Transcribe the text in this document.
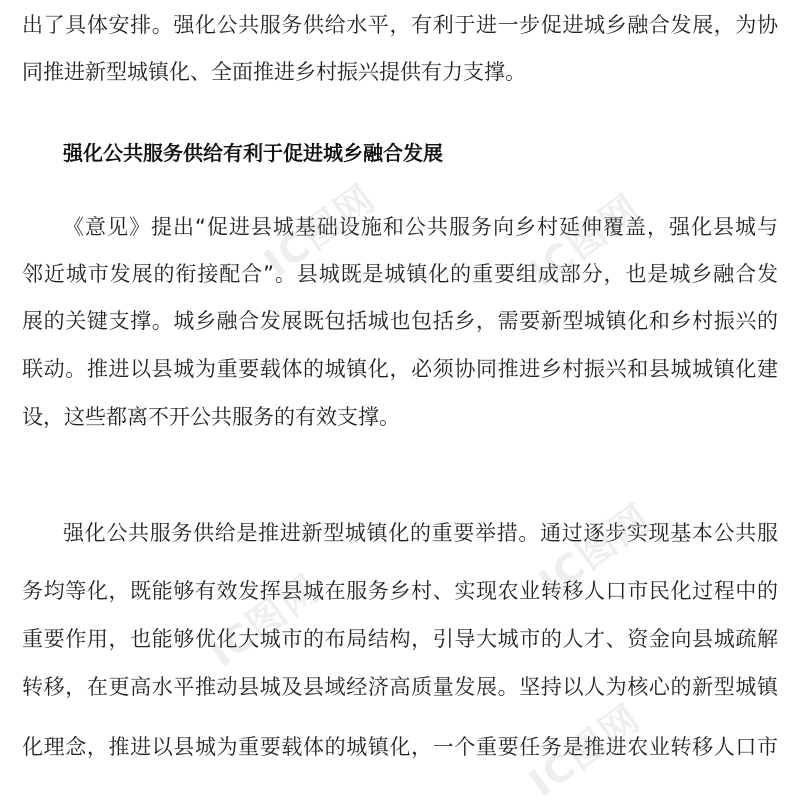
出了具体安排。强化公共服务供给水平，有利于进一步促进城乡融合发展，为协
同推进新型城镇化、全面推进乡村振兴提供有力支撑。
强化公共服务供给有利于促进城乡融合发展
《意见》提出“促进县城基础设施和公共服务向乡村延伸覆盖，强化县城与
邻近城市发展的衔接配合”。县城既是城镇化的重要组成部分，也是城乡融合发
展的关键支撑。城乡融合发展既包括城也包括乡，需要新型城镇化和乡村振兴的
联动。推进以县城为重要载体的城镇化，必须协同推进乡村振兴和县城城镇化建
设，这些都离不开公共服务的有效支撑。
强化公共服务供给是推进新型城镇化的重要举措。通过逐步实现基本公共服
务均等化，既能够有效发挥县城在服务乡村、实现农业转移人口市民化过程中的
重要作用，也能够优化大城市的布局结构，引导大城市的人才、资金向县城疏解
转移，在更高水平推动县城及县域经济高质量发展。坚持以人为核心的新型城镇
化理念，推进以县城为重要载体的城镇化，一个重要任务是推进农业转移人口市
IC图网	IC图网
IC图网
IC图网
IC图网
